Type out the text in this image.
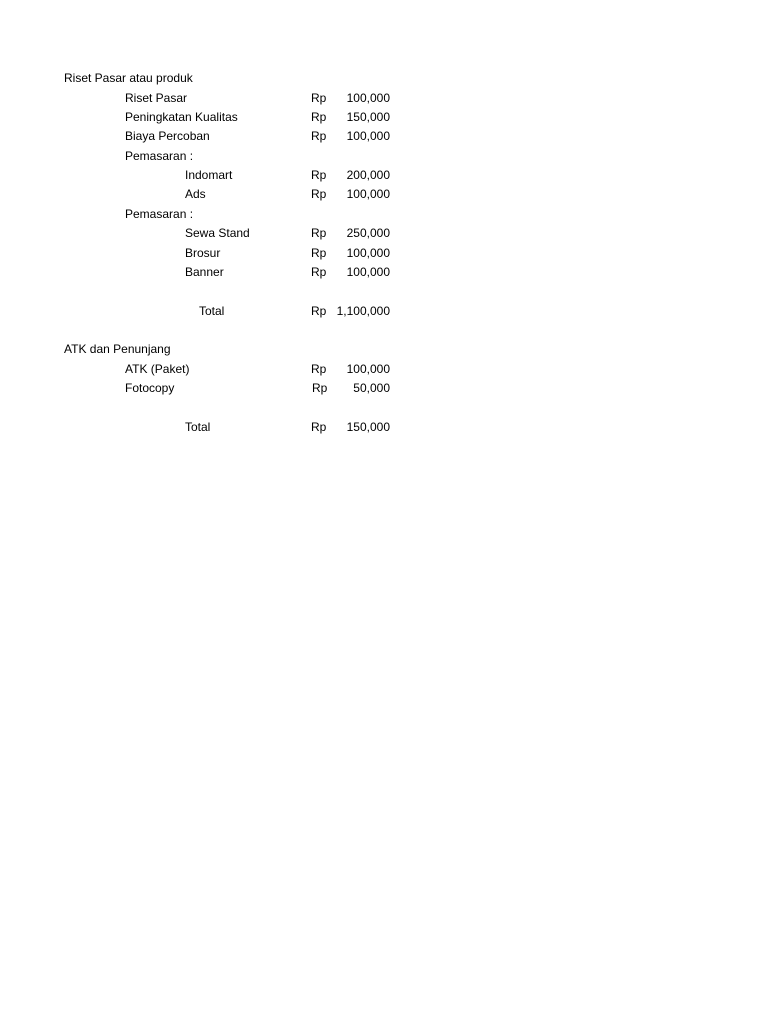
Riset Pasar atau produk
Riset Pasar	Rp 100,000
Peningkatan Kualitas	Rp 150,000
Biaya Percoban	Rp 100,000
Pemasaran :
Indomart	Rp 200,000
Ads	Rp 100,000
Pemasaran :
Sewa Stand	Rp 250,000
Brosur	Rp 100,000
Banner	Rp 100,000
Total	Rp 1,100,000
ATK dan Penunjang
ATK (Paket)	Rp 100,000
Fotocopy	Rp 50,000
Total	Rp 150,000
